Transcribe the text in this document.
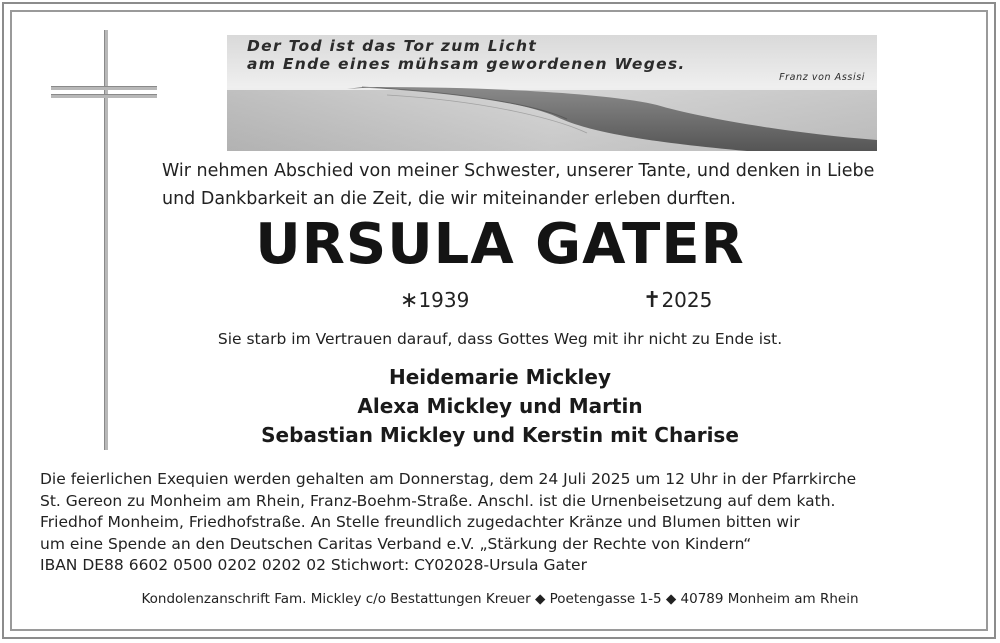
Der Tod ist das Tor zum Licht
am Ende eines mühsam gewordenen Weges.
Franz von Assisi
Wir nehmen Abschied von meiner Schwester, unserer Tante, und denken in Liebe
und Dankbarkeit an die Zeit, die wir miteinander erleben durften.
URSULA GATER
∗1939	✝2025
Sie starb im Vertrauen darauf, dass Gottes Weg mit ihr nicht zu Ende ist.
Heidemarie Mickley
Alexa Mickley und Martin
Sebastian Mickley und Kerstin mit Charise
Die feierlichen Exequien werden gehalten am Donnerstag, dem 24 Juli 2025 um 12 Uhr in der Pfarrkirche
St. Gereon zu Monheim am Rhein, Franz-Boehm-Straße. Anschl. ist die Urnenbeisetzung auf dem kath.
Friedhof Monheim, Friedhofstraße. An Stelle freundlich zugedachter Kränze und Blumen bitten wir
um eine Spende an den Deutschen Caritas Verband e.V. „Stärkung der Rechte von Kindern“
IBAN DE88 6602 0500 0202 0202 02 Stichwort: CY02028-Ursula Gater
Kondolenzanschrift Fam. Mickley c/o Bestattungen Kreuer ◆ Poetengasse 1-5 ◆ 40789 Monheim am Rhein
